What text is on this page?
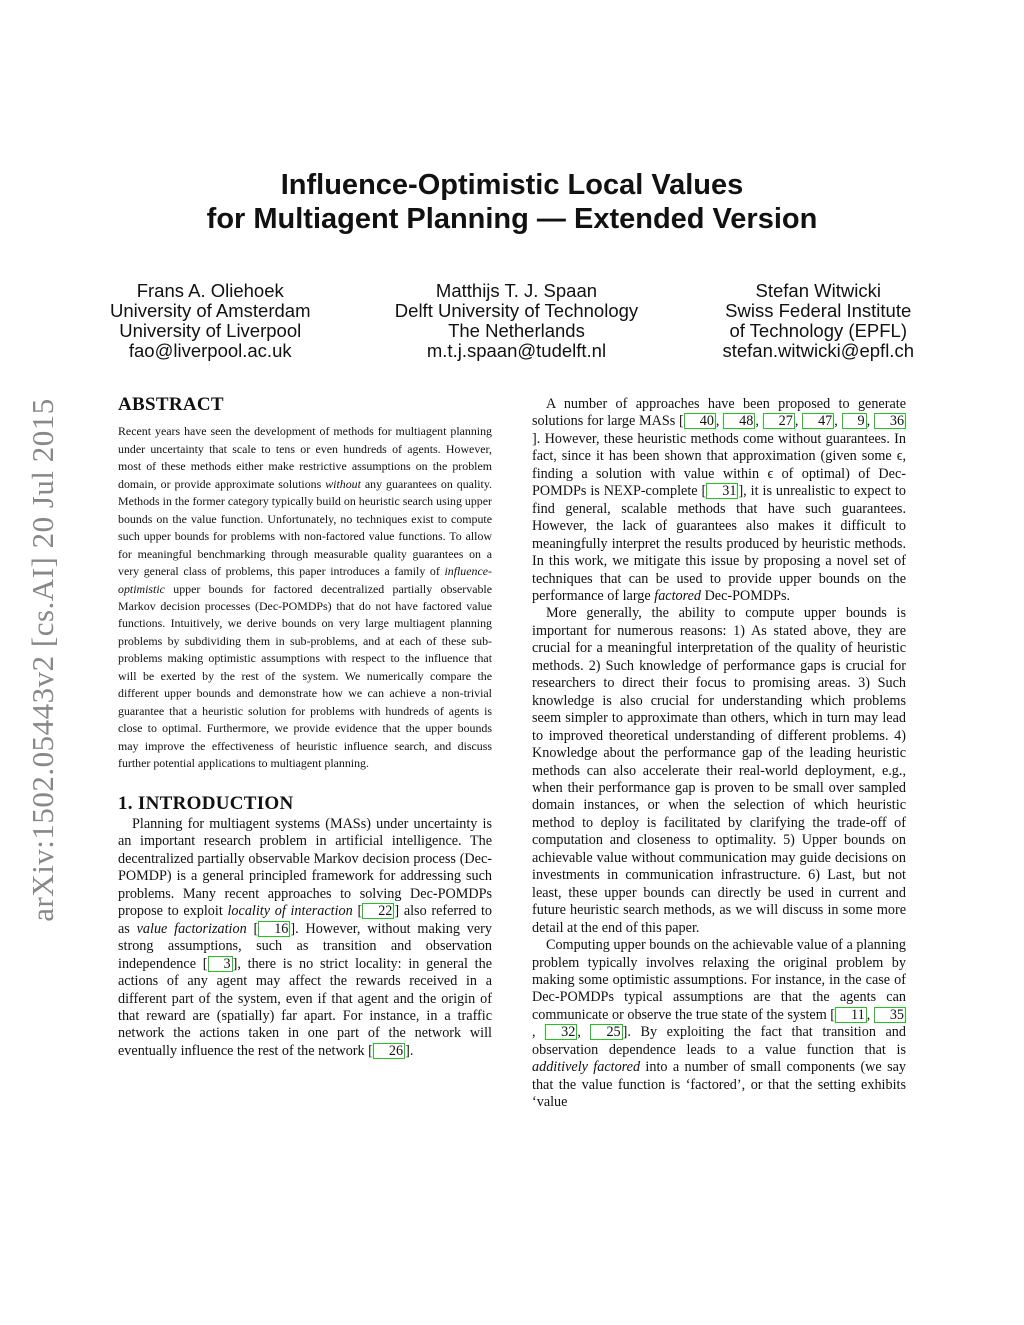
arXiv:1502.05443v2 [cs.AI] 20 Jul 2015
Influence-Optimistic Local Values
for Multiagent Planning — Extended Version
Frans A. Oliehoek
University of Amsterdam
University of Liverpool
fao@liverpool.ac.uk
Matthijs T. J. Spaan
Delft University of Technology
The Netherlands
m.t.j.spaan@tudelft.nl
Stefan Witwicki
Swiss Federal Institute
of Technology (EPFL)
stefan.witwicki@epfl.ch
ABSTRACT

Recent years have seen the development of methods for multiagent planning under uncertainty that scale to tens or even hundreds of agents. However, most of these methods either make restrictive assumptions on the problem domain, or provide approximate solutions without any guarantees on quality. Methods in the former category typically build on heuristic search using upper bounds on the value function. Unfortunately, no techniques exist to compute such upper bounds for problems with non-factored value functions. To allow for meaningful benchmarking through measurable quality guarantees on a very general class of problems, this paper introduces a family of influence-optimistic upper bounds for factored decentralized partially observable Markov decision processes (Dec-POMDPs) that do not have factored value functions. Intuitively, we derive bounds on very large multiagent planning problems by subdividing them in sub-problems, and at each of these sub-problems making optimistic assumptions with respect to the influence that will be exerted by the rest of the system. We numerically compare the different upper bounds and demonstrate how we can achieve a non-trivial guarantee that a heuristic solution for problems with hundreds of agents is close to optimal. Furthermore, we provide evidence that the upper bounds may improve the effectiveness of heuristic influence search, and discuss further potential applications to multiagent planning.

1. INTRODUCTION

Planning for multiagent systems (MASs) under uncertainty is an important research problem in artificial intelligence. The decentralized partially observable Markov decision process (Dec-POMDP) is a general principled framework for addressing such problems. Many recent approaches to solving Dec-POMDPs propose to exploit locality of interaction [ 22 ] also referred to as value factorization [ 16 ]. However, without making very strong assumptions, such as transition and observation independence [ 3 ], there is no strict locality: in general the actions of any agent may affect the rewards received in a different part of the system, even if that agent and the origin of that reward are (spatially) far apart. For instance, in a traffic network the actions taken in one part of the network will eventually influence the rest of the network [ 26 ].

A number of approaches have been proposed to generate solutions for large MASs [ 40 , 48 , 27 , 47 , 9 , 36]. However, these heuristic methods come without guarantees. In fact, since it has been shown that approximation (given some ϵ, finding a solution with value within ϵ of optimal) of Dec-POMDPs is NEXP-complete [ 31 ], it is unrealistic to expect to find general, scalable methods that have such guarantees. However, the lack of guarantees also makes it difficult to meaningfully interpret the results produced by heuristic methods. In this work, we mitigate this issue by proposing a novel set of techniques that can be used to provide upper bounds on the performance of large factored Dec-POMDPs.

More generally, the ability to compute upper bounds is important for numerous reasons: 1) As stated above, they are crucial for a meaningful interpretation of the quality of heuristic methods. 2) Such knowledge of performance gaps is crucial for researchers to direct their focus to promising areas. 3) Such knowledge is also crucial for understanding which problems seem simpler to approximate than others, which in turn may lead to improved theoretical understanding of different problems. 4) Knowledge about the performance gap of the leading heuristic methods can also accelerate their real-world deployment, e.g., when their performance gap is proven to be small over sampled domain instances, or when the selection of which heuristic method to deploy is facilitated by clarifying the trade-off of computation and closeness to optimality. 5) Upper bounds on achievable value without communication may guide decisions on investments in communication infrastructure. 6) Last, but not least, these upper bounds can directly be used in current and future heuristic search methods, as we will discuss in some more detail at the end of this paper.

Computing upper bounds on the achievable value of a planning problem typically involves relaxing the original problem by making some optimistic assumptions. For instance, in the case of Dec-POMDPs typical assumptions are that the agents can communicate or observe the true state of the system [ 11 , 35, 32 , 25 ]. By exploiting the fact that transition and observation dependence leads to a value function that is additively factored into a number of small components (we say that the value function is ‘factored’, or that the setting exhibits ‘value
